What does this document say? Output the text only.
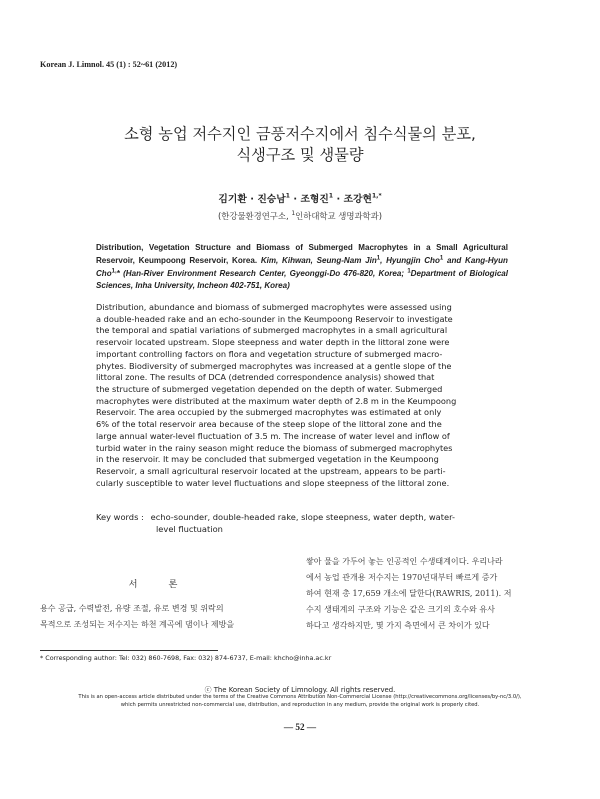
Korean J. Limnol. 45 (1) : 52~61 (2012)
소형 농업 저수지인 금풍저수지에서 침수식물의 분포,
식생구조 및 생물량
김기환 · 진승남$^1$ · 조형진$^1$ · 조강현$^{1,*}$
(한강물환경연구소, $^1$인하대학교 생명과학과)
Distribution, Vegetation Structure and Biomass of Submerged Macrophytes in a Small Agricultural Reservoir, Keumpoong Reservoir, Korea. Kim, Kihwan, Seung-Nam Jin$^1$, Hyungjin Cho$^1$ and Kang-Hyun Cho$^{1,}$* (Han-River Environment Research Center, Gyeonggi-Do 476-820, Korea; $^1$Department of Biological Sciences, Inha University, Incheon 402-751, Korea)
Distribution, abundance and biomass of submerged macrophytes were assessed using
a double-headed rake and an echo-sounder in the Keumpoong Reservoir to investigate
the temporal and spatial variations of submerged macrophytes in a small agricultural
reservoir located upstream. Slope steepness and water depth in the littoral zone were
important controlling factors on flora and vegetation structure of submerged macro-
phytes. Biodiversity of submerged macrophytes was increased at a gentle slope of the
littoral zone. The results of DCA (detrended correspondence analysis) showed that
the structure of submerged vegetation depended on the depth of water. Submerged
macrophytes were distributed at the maximum water depth of 2.8 m in the Keumpoong
Reservoir. The area occupied by the submerged macrophytes was estimated at only
6% of the total reservoir area because of the steep slope of the littoral zone and the
large annual water-level fluctuation of 3.5 m. The increase of water level and inflow of
turbid water in the rainy season might reduce the biomass of submerged macrophytes
in the reservoir. It may be concluded that submerged vegetation in the Keumpoong
Reservoir, a small agricultural reservoir located at the upstream, appears to be parti-
cularly susceptible to water level fluctuations and slope steepness of the littoral zone.
Key words : echo-sounder, double-headed rake, slope steepness, water depth, water-
level fluctuation
서 론
용수 공급, 수력발전, 유량 조절, 유로 변경 및 위락의
목적으로 조성되는 저수지는 하천 계곡에 댐이나 제방을
쌓아 물을 가두어 놓는 인공적인 수생태계이다. 우리나라
에서 농업 관개용 저수지는 1970년대부터 빠르게 증가
하여 현재 총 17,659 개소에 달한다(RAWRIS, 2011). 저
수지 생태계의 구조와 기능은 같은 크기의 호수와 유사
하다고 생각하지만, 몇 가지 측면에서 큰 차이가 있다
* Corresponding author: Tel: 032) 860-7698, Fax: 032) 874-6737, E-mail: khcho@inha.ac.kr
ⓒ The Korean Society of Limnology. All rights reserved.
This is an open-access article distributed under the terms of the Creative Commons Attribution Non-Commercial License (http://creativecommons.org/licenses/by-nc/3.0/),
which permits unrestricted non-commercial use, distribution, and reproduction in any medium, provide the original work is properly cited.
— 52 —
